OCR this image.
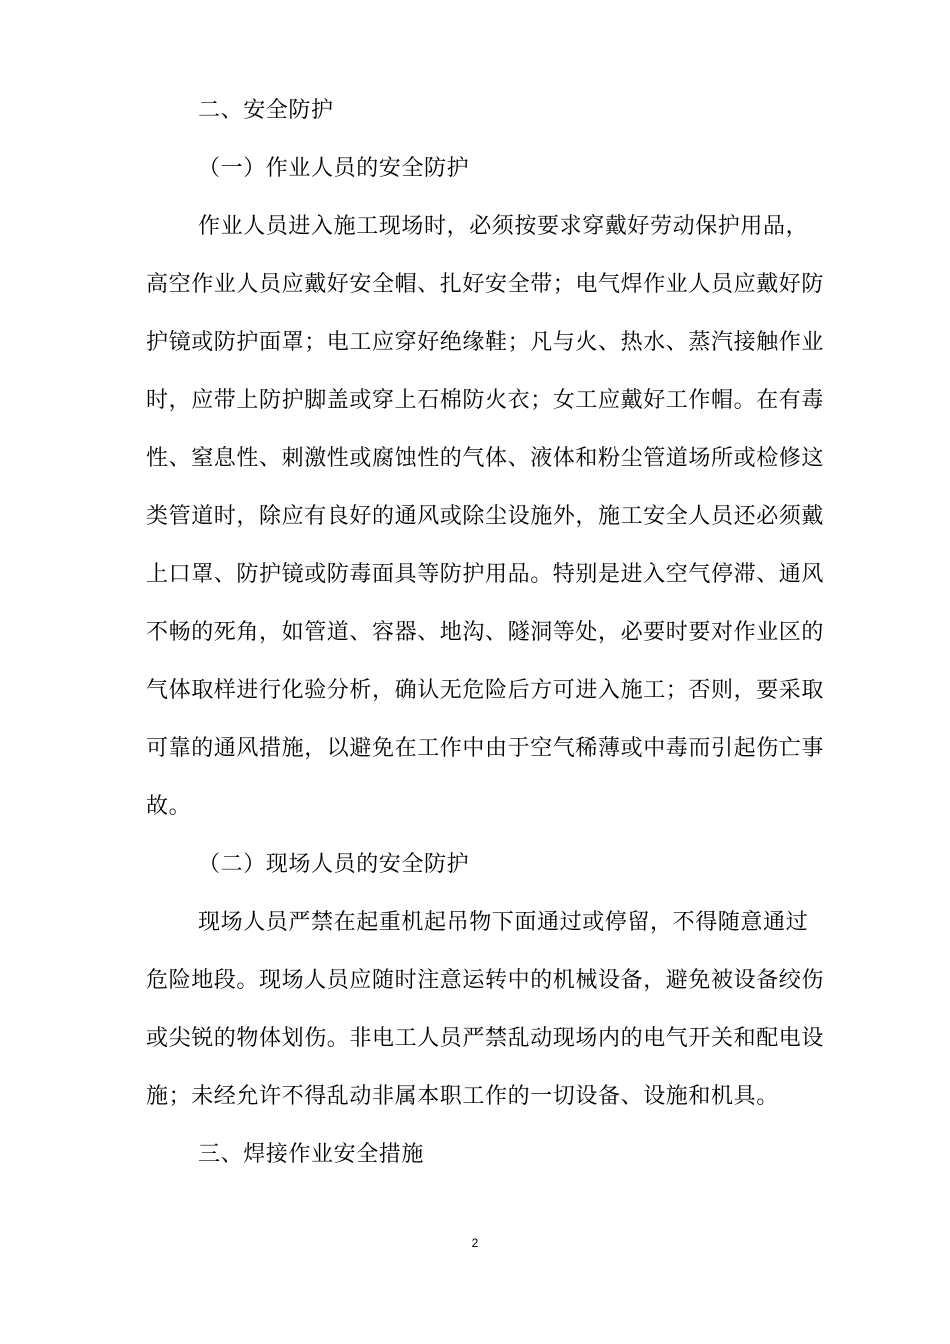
二、安全防护
（一）作业人员的安全防护
作业人员进入施工现场时，必须按要求穿戴好劳动保护用品，
高空作业人员应戴好安全帽、扎好安全带；电气焊作业人员应戴好防
护镜或防护面罩；电工应穿好绝缘鞋；凡与火、热水、蒸汽接触作业
时，应带上防护脚盖或穿上石棉防火衣；女工应戴好工作帽。在有毒
性、窒息性、刺激性或腐蚀性的气体、液体和粉尘管道场所或检修这
类管道时，除应有良好的通风或除尘设施外，施工安全人员还必须戴
上口罩、防护镜或防毒面具等防护用品。特别是进入空气停滞、通风
不畅的死角，如管道、容器、地沟、隧洞等处，必要时要对作业区的
气体取样进行化验分析，确认无危险后方可进入施工；否则，要采取
可靠的通风措施，以避免在工作中由于空气稀薄或中毒而引起伤亡事
故。
（二）现场人员的安全防护
现场人员严禁在起重机起吊物下面通过或停留，不得随意通过
危险地段。现场人员应随时注意运转中的机械设备，避免被设备绞伤
或尖锐的物体划伤。非电工人员严禁乱动现场内的电气开关和配电设
施；未经允许不得乱动非属本职工作的一切设备、设施和机具。
三、焊接作业安全措施
2
